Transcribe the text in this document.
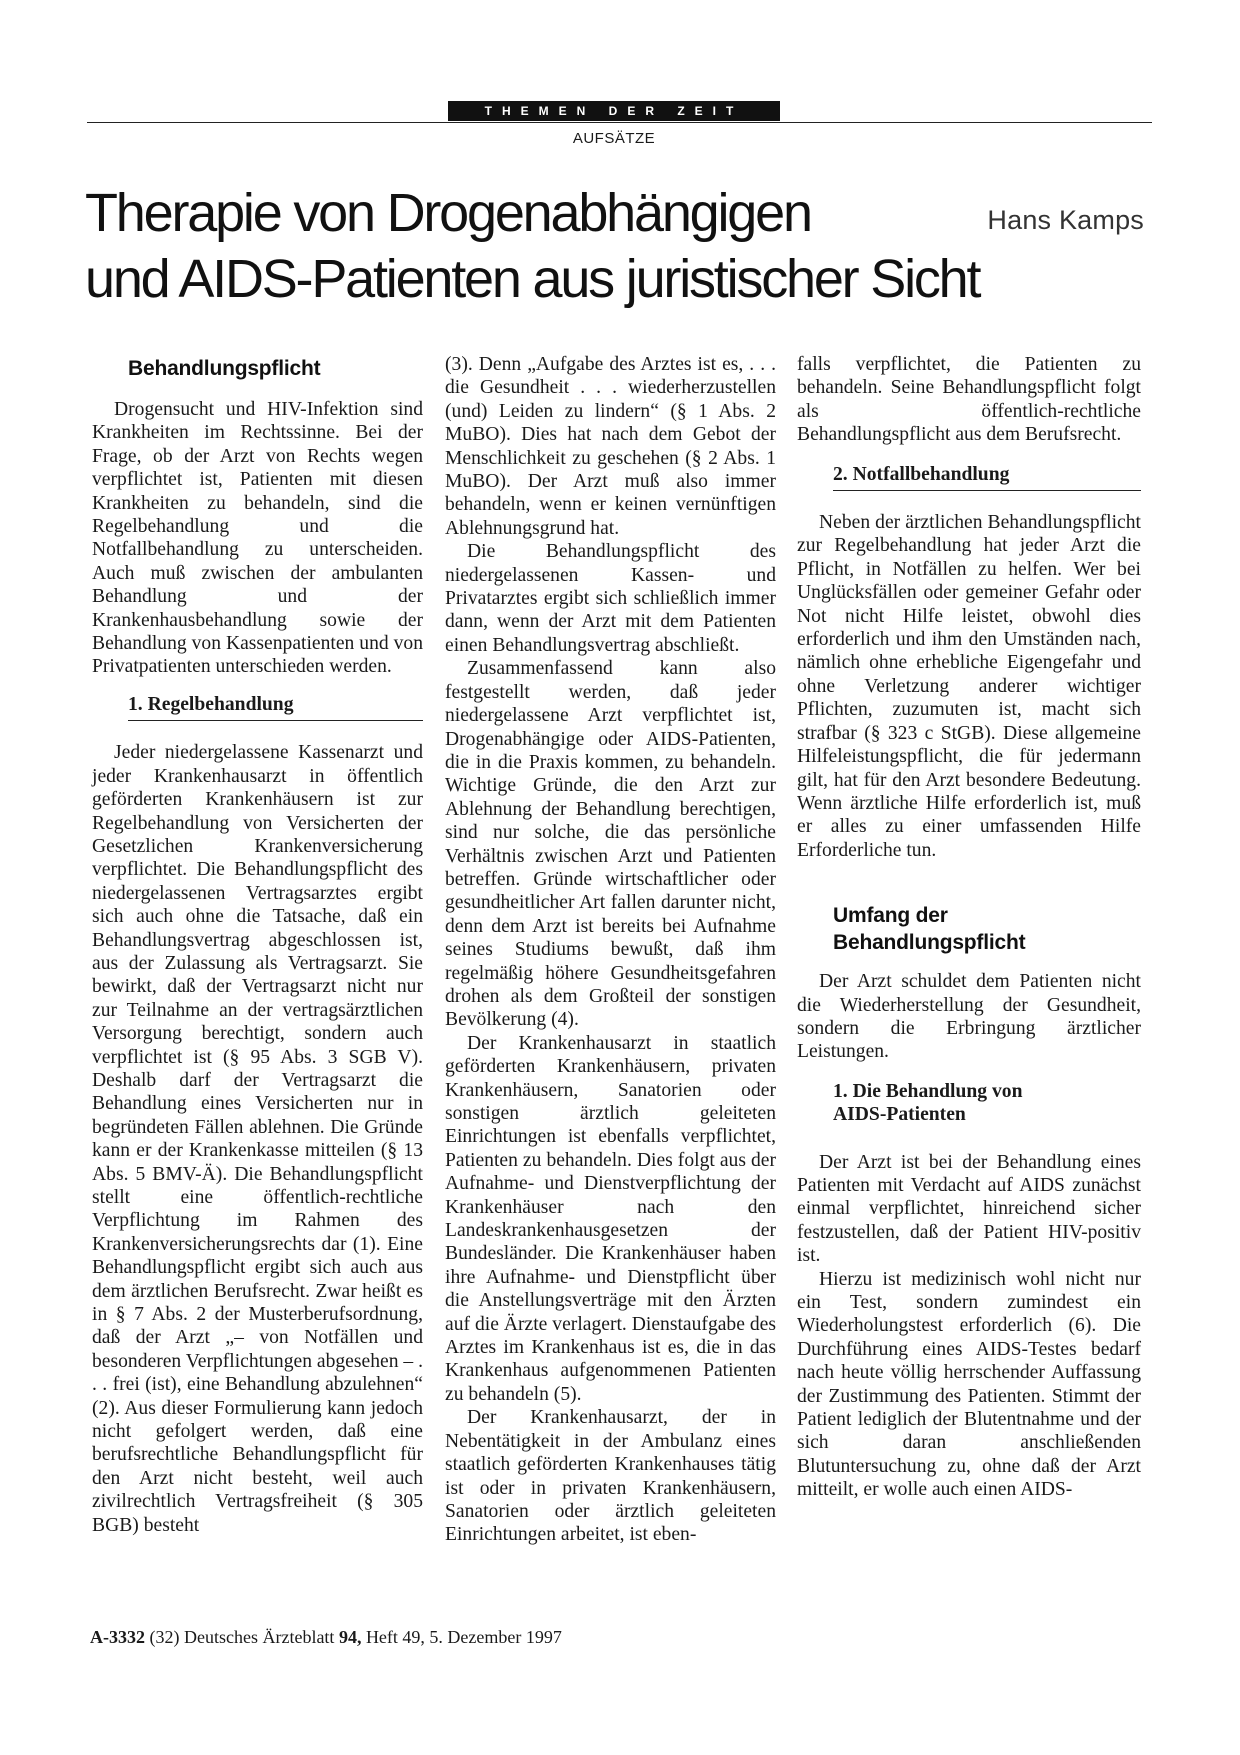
THEMEN DER ZEIT
AUFSÄTZE
Therapie von Drogenabhängigen
und AIDS-Patienten aus juristischer Sicht
Hans Kamps
Behandlungspflicht

Drogensucht und HIV-Infektion sind Krankheiten im Rechtssinne. Bei der Frage, ob der Arzt von Rechts wegen verpflichtet ist, Patienten mit diesen Krankheiten zu behandeln, sind die Regelbehandlung und die Notfallbehandlung zu unterscheiden. Auch muß zwischen der ambulanten Behandlung und der Krankenhausbehandlung sowie der Behandlung von Kassenpatienten und von Privatpatienten unterschieden werden.

1. Regelbehandlung

Jeder niedergelassene Kassenarzt und jeder Krankenhausarzt in öffentlich geförderten Krankenhäusern ist zur Regelbehandlung von Versicherten der Gesetzlichen Krankenversicherung verpflichtet. Die Behandlungspflicht des niedergelassenen Vertragsarztes ergibt sich auch ohne die Tatsache, daß ein Behandlungsvertrag abgeschlossen ist, aus der Zulassung als Vertragsarzt. Sie bewirkt, daß der Vertragsarzt nicht nur zur Teilnahme an der vertragsärztlichen Versorgung berechtigt, sondern auch verpflichtet ist (§ 95 Abs. 3 SGB V). Deshalb darf der Vertragsarzt die Behandlung eines Versicherten nur in begründeten Fällen ablehnen. Die Gründe kann er der Krankenkasse mitteilen (§ 13 Abs. 5 BMV-Ä). Die Behandlungspflicht stellt eine öffentlich-rechtliche Verpflichtung im Rahmen des Krankenversicherungsrechts dar (1). Eine Behandlungspflicht ergibt sich auch aus dem ärztlichen Berufsrecht. Zwar heißt es in § 7 Abs. 2 der Musterberufsordnung, daß der Arzt „– von Notfällen und besonderen Verpflichtungen abgesehen – . . . frei (ist), eine Behandlung abzulehnen“ (2). Aus dieser Formulierung kann jedoch nicht gefolgert werden, daß eine berufsrechtliche Behandlungspflicht für den Arzt nicht besteht, weil auch zivilrechtlich Vertragsfreiheit (§ 305 BGB) besteht

(3). Denn „Aufgabe des Arztes ist es, . . . die Gesundheit . . . wiederherzustellen (und) Leiden zu lindern“ (§ 1 Abs. 2 MuBO). Dies hat nach dem Gebot der Menschlichkeit zu geschehen (§ 2 Abs. 1 MuBO). Der Arzt muß also immer behandeln, wenn er keinen vernünftigen Ablehnungsgrund hat.

Die Behandlungspflicht des niedergelassenen Kassen- und Privatarztes ergibt sich schließlich immer dann, wenn der Arzt mit dem Patienten einen Behandlungsvertrag abschließt.

Zusammenfassend kann also festgestellt werden, daß jeder niedergelassene Arzt verpflichtet ist, Drogenabhängige oder AIDS-Patienten, die in die Praxis kommen, zu behandeln. Wichtige Gründe, die den Arzt zur Ablehnung der Behandlung berechtigen, sind nur solche, die das persönliche Verhältnis zwischen Arzt und Patienten betreffen. Gründe wirtschaftlicher oder gesundheitlicher Art fallen darunter nicht, denn dem Arzt ist bereits bei Aufnahme seines Studiums bewußt, daß ihm regelmäßig höhere Gesundheitsgefahren drohen als dem Großteil der sonstigen Bevölkerung (4).

Der Krankenhausarzt in staatlich geförderten Krankenhäusern, privaten Krankenhäusern, Sanatorien oder sonstigen ärztlich geleiteten Einrichtungen ist ebenfalls verpflichtet, Patienten zu behandeln. Dies folgt aus der Aufnahme- und Dienstverpflichtung der Krankenhäuser nach den Landeskrankenhausgesetzen der Bundesländer. Die Krankenhäuser haben ihre Aufnahme- und Dienstpflicht über die Anstellungsverträge mit den Ärzten auf die Ärzte verlagert. Dienstaufgabe des Arztes im Krankenhaus ist es, die in das Krankenhaus aufgenommenen Patienten zu behandeln (5).

Der Krankenhausarzt, der in Nebentätigkeit in der Ambulanz eines staatlich geförderten Krankenhauses tätig ist oder in privaten Krankenhäusern, Sanatorien oder ärztlich geleiteten Einrichtungen arbeitet, ist eben-

falls verpflichtet, die Patienten zu behandeln. Seine Behandlungspflicht folgt als öffentlich-rechtliche Behandlungspflicht aus dem Berufsrecht.

2. Notfallbehandlung

Neben der ärztlichen Behandlungspflicht zur Regelbehandlung hat jeder Arzt die Pflicht, in Notfällen zu helfen. Wer bei Unglücksfällen oder gemeiner Gefahr oder Not nicht Hilfe leistet, obwohl dies erforderlich und ihm den Umständen nach, nämlich ohne erhebliche Eigengefahr und ohne Verletzung anderer wichtiger Pflichten, zuzumuten ist, macht sich strafbar (§ 323 c StGB). Diese allgemeine Hilfeleistungspflicht, die für jedermann gilt, hat für den Arzt besondere Bedeutung. Wenn ärztliche Hilfe erforderlich ist, muß er alles zu einer umfassenden Hilfe Erforderliche tun.

Umfang der
Behandlungspflicht

Der Arzt schuldet dem Patienten nicht die Wiederherstellung der Gesundheit, sondern die Erbringung ärztlicher Leistungen.

1. Die Behandlung von
AIDS-Patienten

Der Arzt ist bei der Behandlung eines Patienten mit Verdacht auf AIDS zunächst einmal verpflichtet, hinreichend sicher festzustellen, daß der Patient HIV-positiv ist.

Hierzu ist medizinisch wohl nicht nur ein Test, sondern zumindest ein Wiederholungstest erforderlich (6). Die Durchführung eines AIDS-Testes bedarf nach heute völlig herrschender Auffassung der Zustimmung des Patienten. Stimmt der Patient lediglich der Blutentnahme und der sich daran anschließenden Blutuntersuchung zu, ohne daß der Arzt mitteilt, er wolle auch einen AIDS-

A-3332 (32) Deutsches Ärzteblatt 94, Heft 49, 5. Dezember 1997
